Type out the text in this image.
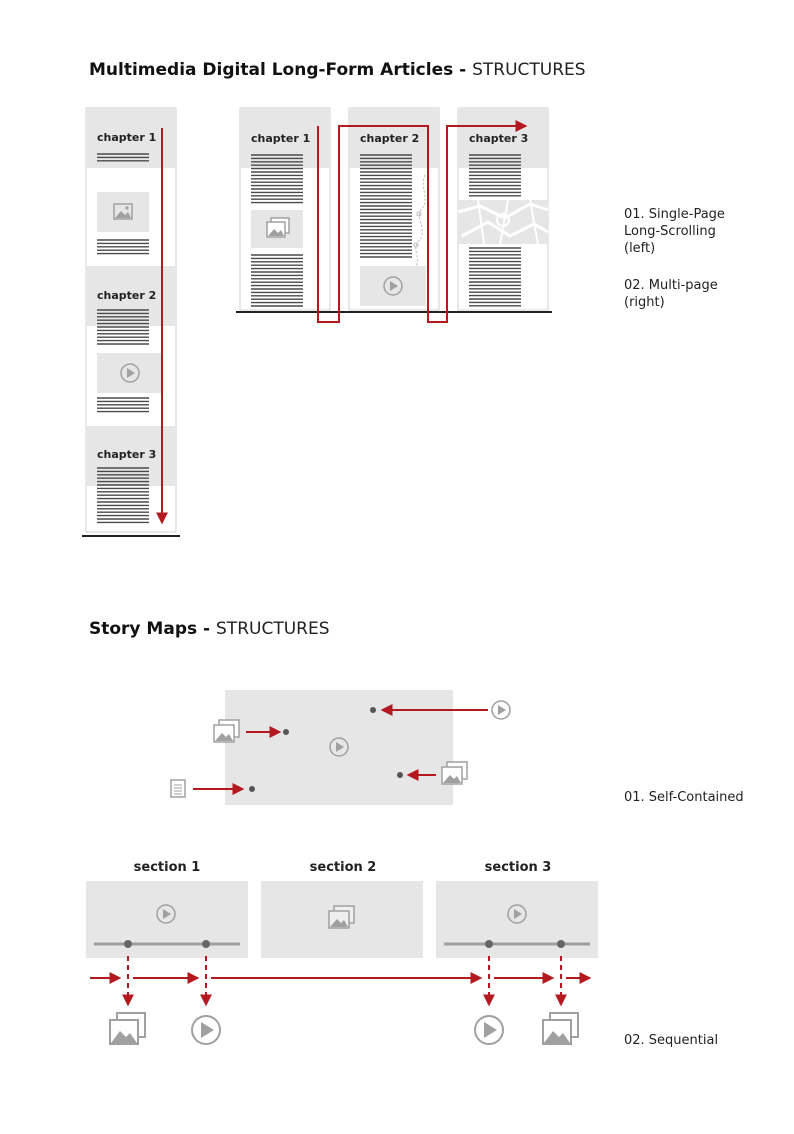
Multimedia Digital Long-Form Articles - STRUCTURES
chapter 1
chapter 2
chapter 3
chapter 1	chapter 2	chapter 3
01. Single-Page
Long-Scrolling
(left)
02. Multi-page
(right)
Story Maps - STRUCTURES
01. Self-Contained
section 1	section 2	section 3
02. Sequential
